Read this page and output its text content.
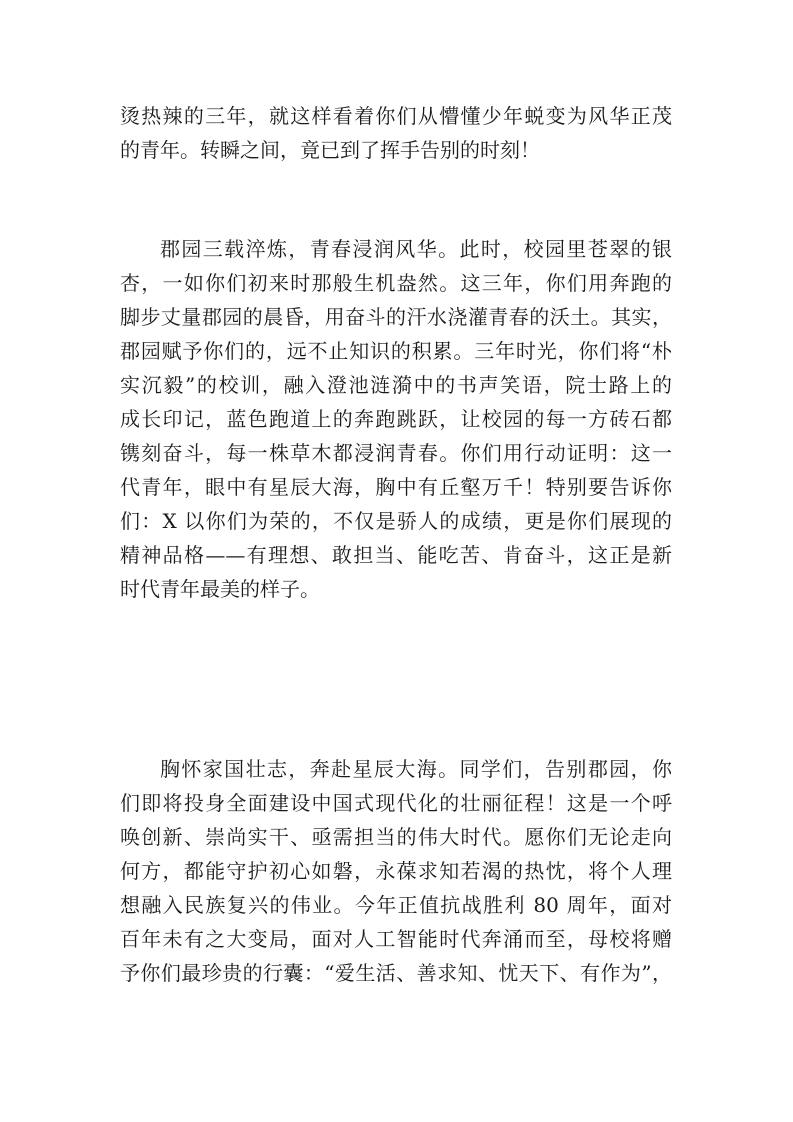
烫热辣的三年，就这样看着你们从懵懂少年蜕变为风华正茂
的青年。转瞬之间，竟已到了挥手告别的时刻！
郡园三载淬炼，青春浸润风华。此时，校园里苍翠的银
杏，一如你们初来时那般生机盎然。这三年，你们用奔跑的
脚步丈量郡园的晨昏，用奋斗的汗水浇灌青春的沃土。其实，
郡园赋予你们的，远不止知识的积累。三年时光，你们将“朴
实沉毅”的校训，融入澄池涟漪中的书声笑语，院士路上的
成长印记，蓝色跑道上的奔跑跳跃，让校园的每一方砖石都
镌刻奋斗，每一株草木都浸润青春。你们用行动证明：这一
代青年，眼中有星辰大海，胸中有丘壑万千！特别要告诉你
们：X 以你们为荣的，不仅是骄人的成绩，更是你们展现的
精神品格——有理想、敢担当、能吃苦、肯奋斗，这正是新
时代青年最美的样子。
胸怀家国壮志，奔赴星辰大海。同学们，告别郡园，你
们即将投身全面建设中国式现代化的壮丽征程！这是一个呼
唤创新、崇尚实干、亟需担当的伟大时代。愿你们无论走向
何方，都能守护初心如磐，永葆求知若渴的热忱，将个人理
想融入民族复兴的伟业。今年正值抗战胜利 80 周年，面对
百年未有之大变局，面对人工智能时代奔涌而至，母校将赠
予你们最珍贵的行囊：“爱生活、善求知、忧天下、有作为”，
